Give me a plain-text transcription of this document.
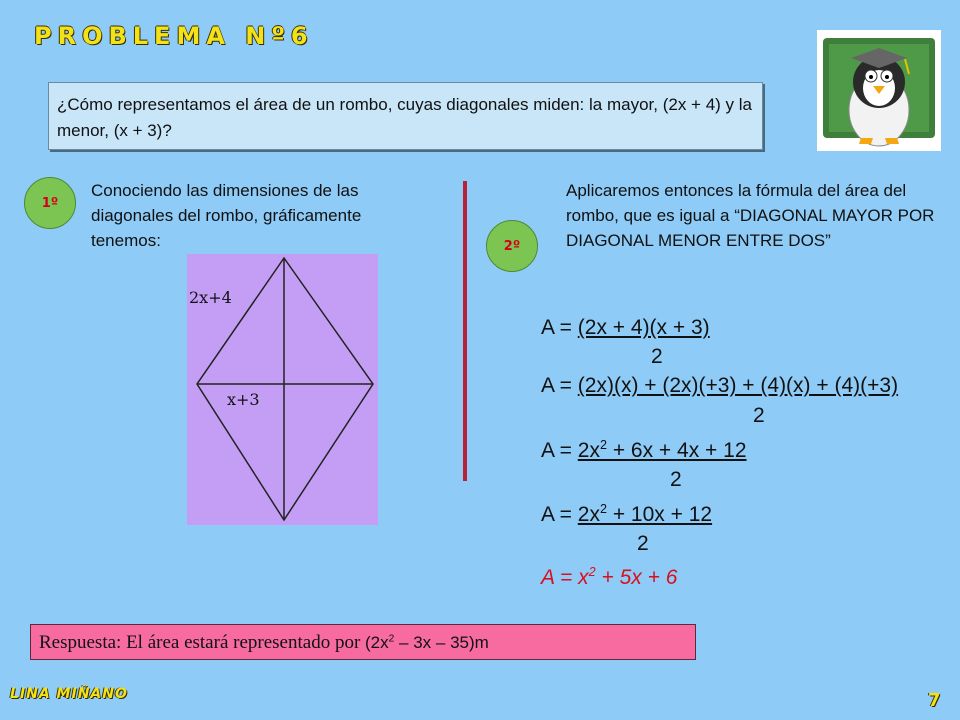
PROBLEMA Nº6
¿Cómo representamos el área de un rombo, cuyas diagonales miden: la mayor, (2x + 4) y la menor, (x + 3)?
1º
Conociendo las dimensiones de las diagonales del rombo, gráficamente tenemos:	2º
Aplicaremos entonces la fórmula del área del rombo, que es igual a “DIAGONAL MAYOR POR DIAGONAL MENOR ENTRE DOS”
2x+4
x+3
A = (2x + 4)(x + 3)
2
A = (2x)(x) + (2x)(+3) + (4)(x) + (4)(+3)
2
$A = 2x^2 + 6x + 4x + 12$
2
$A = 2x^2 + 10x + 12$
2
$A = x^2 + 5x + 6$
Respuesta: El área estará representado por $(2x^2 - 3x - 35)m$
LINA MIÑANO	7
